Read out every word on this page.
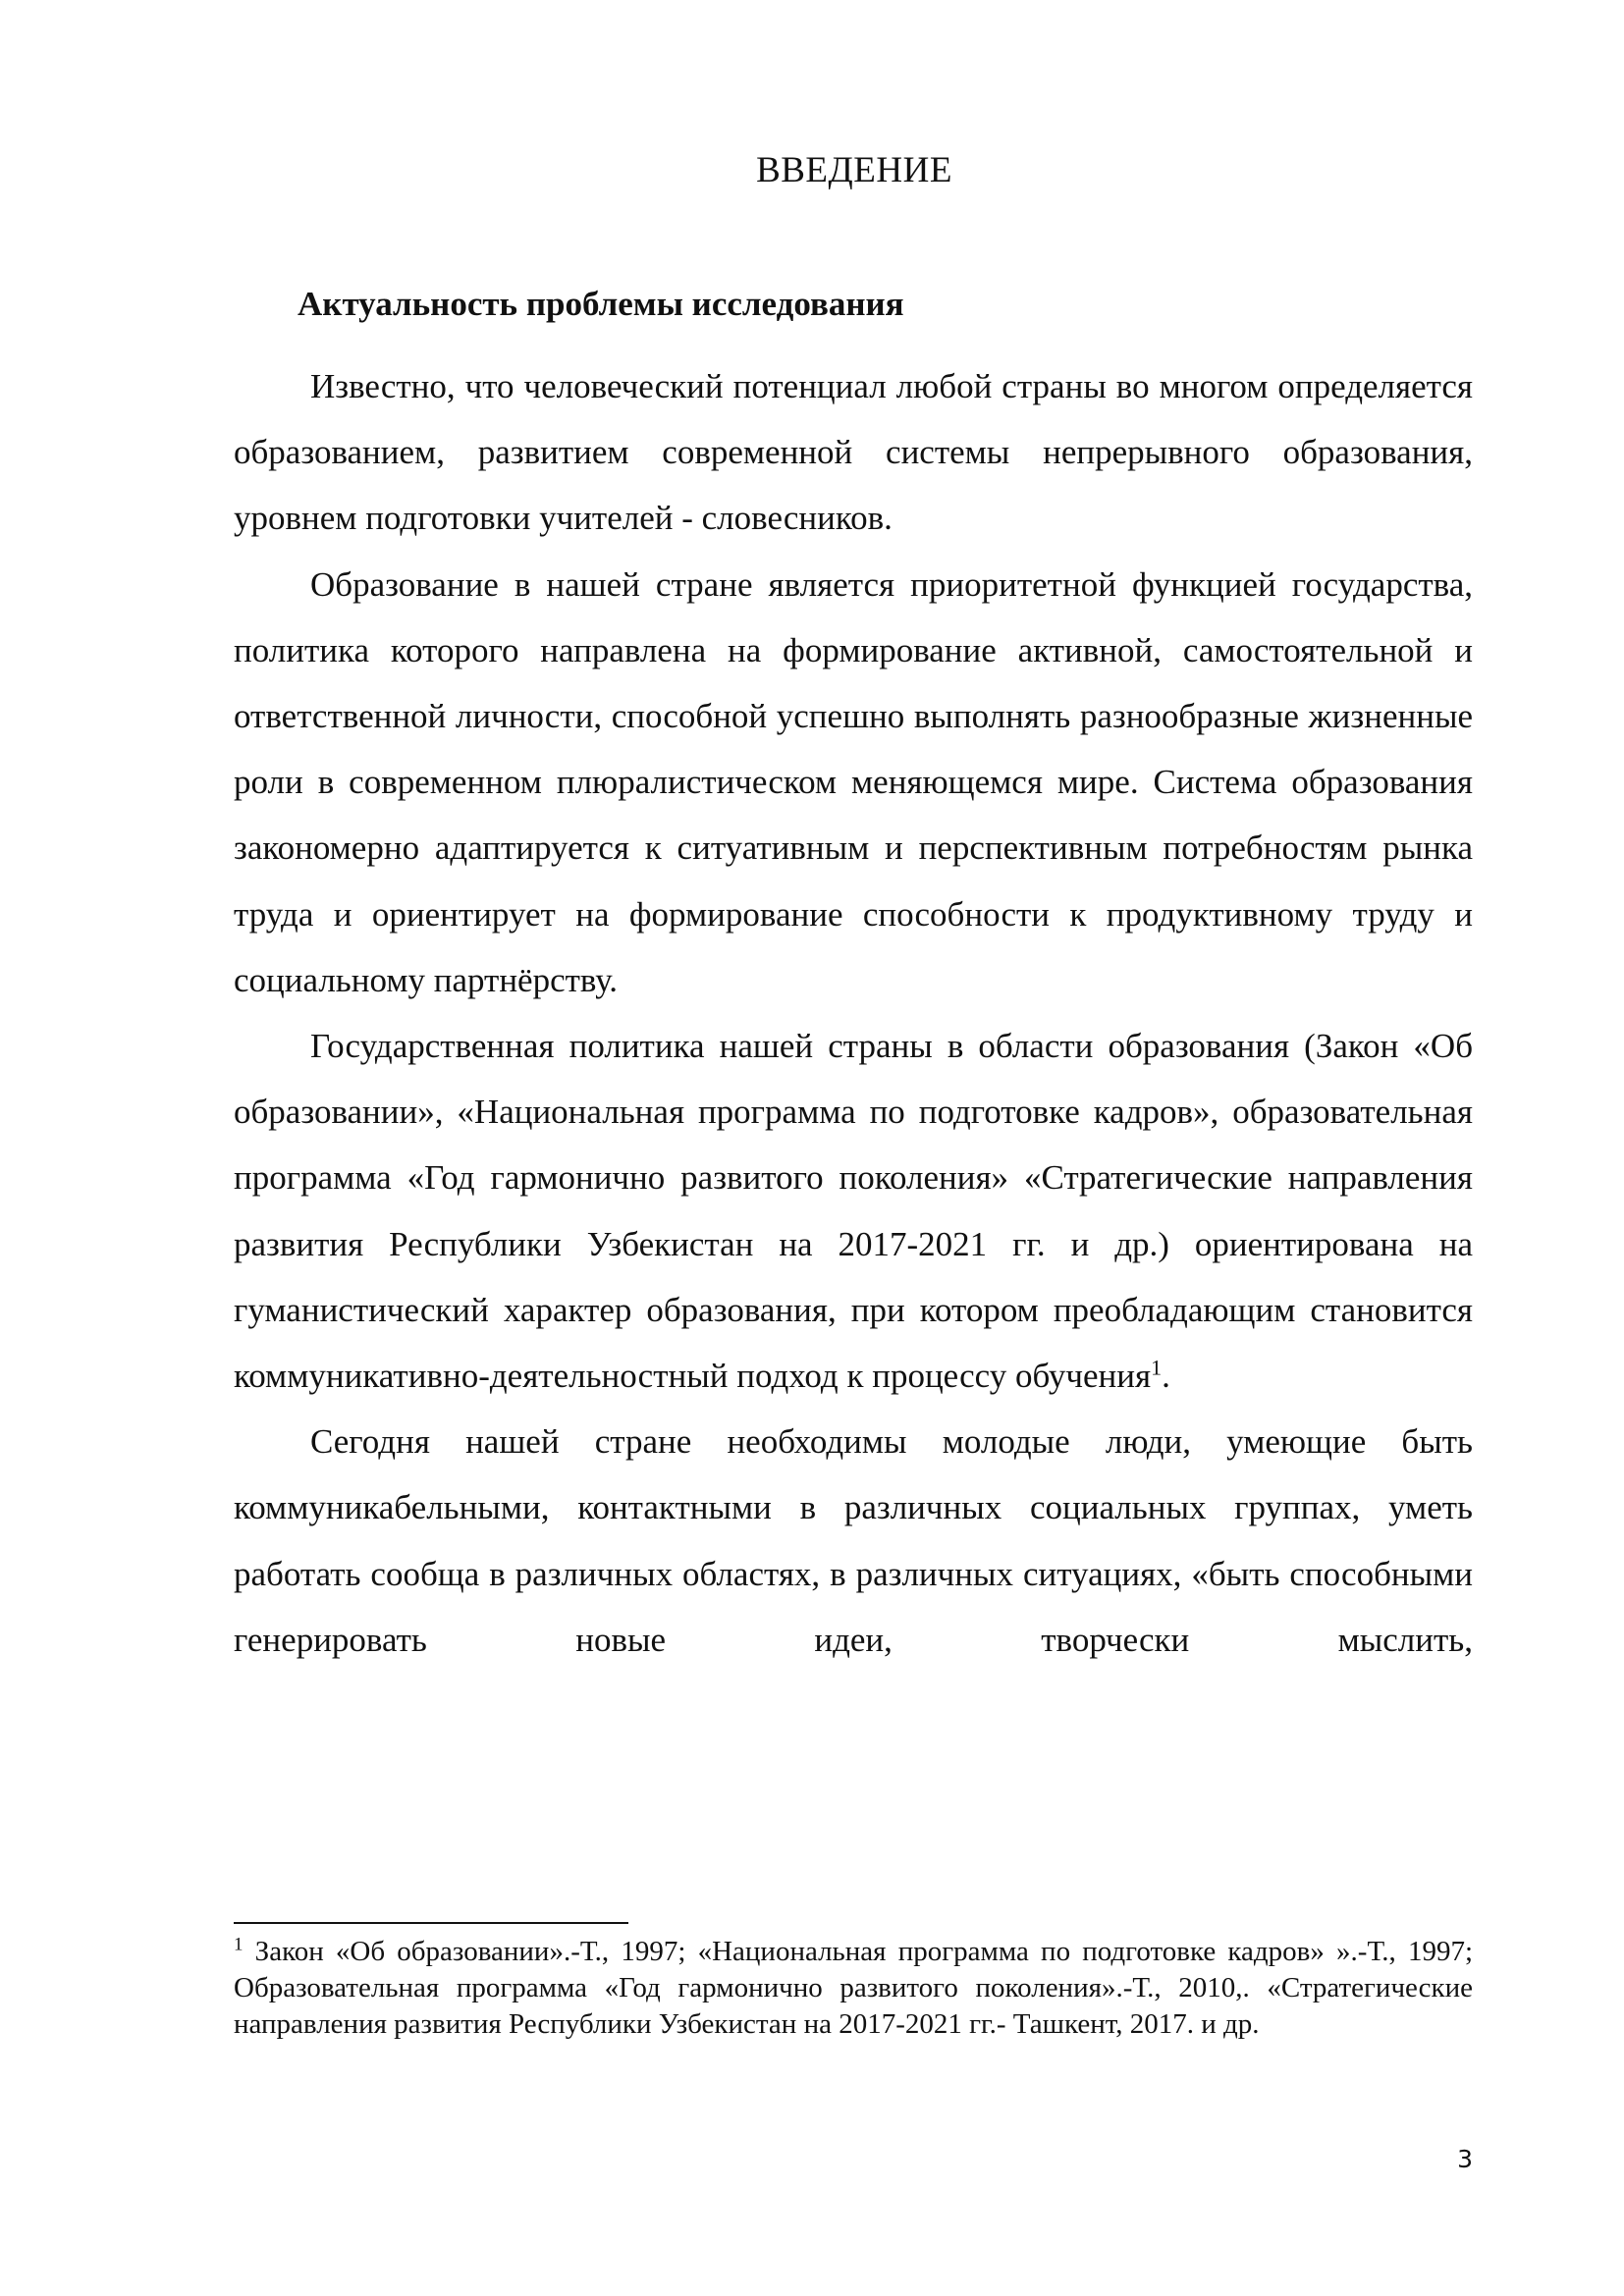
ВВЕДЕНИЕ
Актуальность проблемы исследования

Известно, что человеческий потенциал любой страны во многом определяется образованием, развитием современной системы непрерывного образования, уровнем подготовки учителей - словесников.

Образование в нашей стране является приоритетной функцией государства, политика которого направлена на формирование активной, самостоятельной и ответственной личности, способной успешно выполнять разнообразные жизненные роли в современном плюралистическом меняющемся мире. Система образования закономерно адаптируется к ситуативным и перспективным потребностям рынка труда и ориентирует на формирование способности к продуктивному труду и социальному партнёрству.

Государственная политика нашей страны в области образования (Закон «Об образовании», «Национальная программа по подготовке кадров», образовательная программа «Год гармонично развитого поколения» «Стратегические направления развития Республики Узбекистан на 2017-2021 гг. и др.) ориентирована на гуманистический характер образования, при котором преобладающим становится коммуникативно-деятельностный подход к процессу обучения$^1$.

Сегодня нашей стране необходимы молодые люди, умеющие быть коммуникабельными, контактными в различных социальных группах, уметь работать сообща в различных областях, в различных ситуациях, «быть способными генерировать новые идеи, творчески мыслить,

$^1$ Закон «Об образовании».-Т., 1997; «Национальная программа по подготовке кадров» ».-Т., 1997; Образовательная программа «Год гармонично развитого поколения».-Т., 2010,. «Стратегические направления развития Республики Узбекистан на 2017-2021 гг.- Ташкент, 2017. и др.

3
